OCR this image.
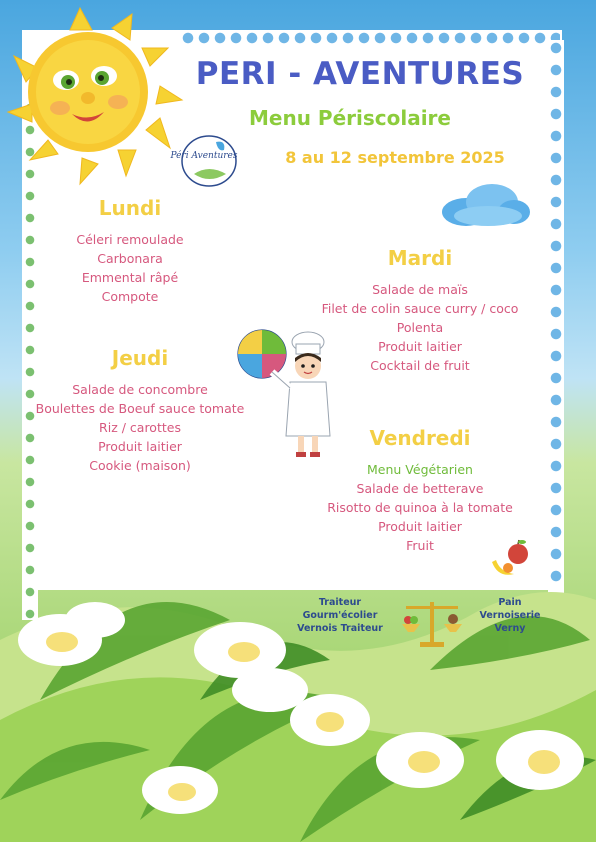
Péri Aventures
PERI - AVENTURES
Menu Périscolaire
8 au 12 septembre 2025
Lundi
Céleri remoulade
Carbonara
Emmental râpé
Compote
Mardi
Salade de maïs
Filet de colin sauce curry / coco
Polenta
Produit laitier
Cocktail de fruit
Jeudi
Salade de concombre
Boulettes de Boeuf sauce tomate
Riz / carottes
Produit laitier
Cookie (maison)
Vendredi
Menu Végétarien
Salade de betterave
Risotto de quinoa à la tomate
Produit laitier
Fruit
Traiteur
Gourm'écolier
Vernois Traiteur
Pain
Vernoiserie
Verny
